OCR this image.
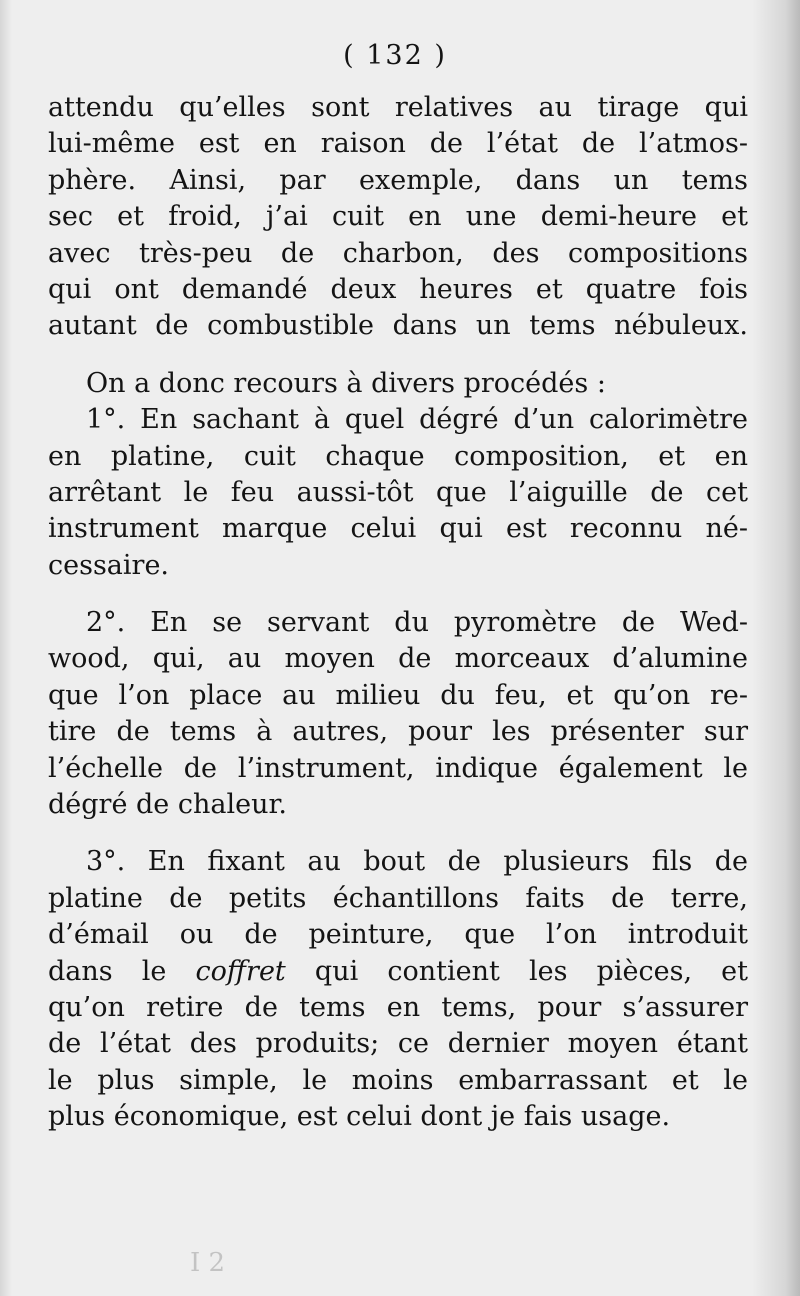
( 132 )
attendu qu’elles sont relatives au tirage qui
lui-même est en raison de l’état de l’atmos-
phère. Ainsi, par exemple, dans un tems
sec et froid, j’ai cuit en une demi-heure et
avec très-peu de charbon, des compositions
qui ont demandé deux heures et quatre fois
autant de combustible dans un tems nébuleux.
On a donc recours à divers procédés :
1°. En sachant à quel dégré d’un calorimètre
en platine, cuit chaque composition, et en
arrêtant le feu aussi-tôt que l’aiguille de cet
instrument marque celui qui est reconnu né-
cessaire.
2°. En se servant du pyromètre de Wed-
wood, qui, au moyen de morceaux d’alumine
que l’on place au milieu du feu, et qu’on re-
tire de tems à autres, pour les présenter sur
l’échelle de l’instrument, indique également le
dégré de chaleur.
3°. En fixant au bout de plusieurs fils de
platine de petits échantillons faits de terre,
d’émail ou de peinture, que l’on introduit
dans le coffret qui contient les pièces, et
qu’on retire de tems en tems, pour s’assurer
de l’état des produits; ce dernier moyen étant
le plus simple, le moins embarrassant et le
plus économique, est celui dont je fais usage.
I 2
